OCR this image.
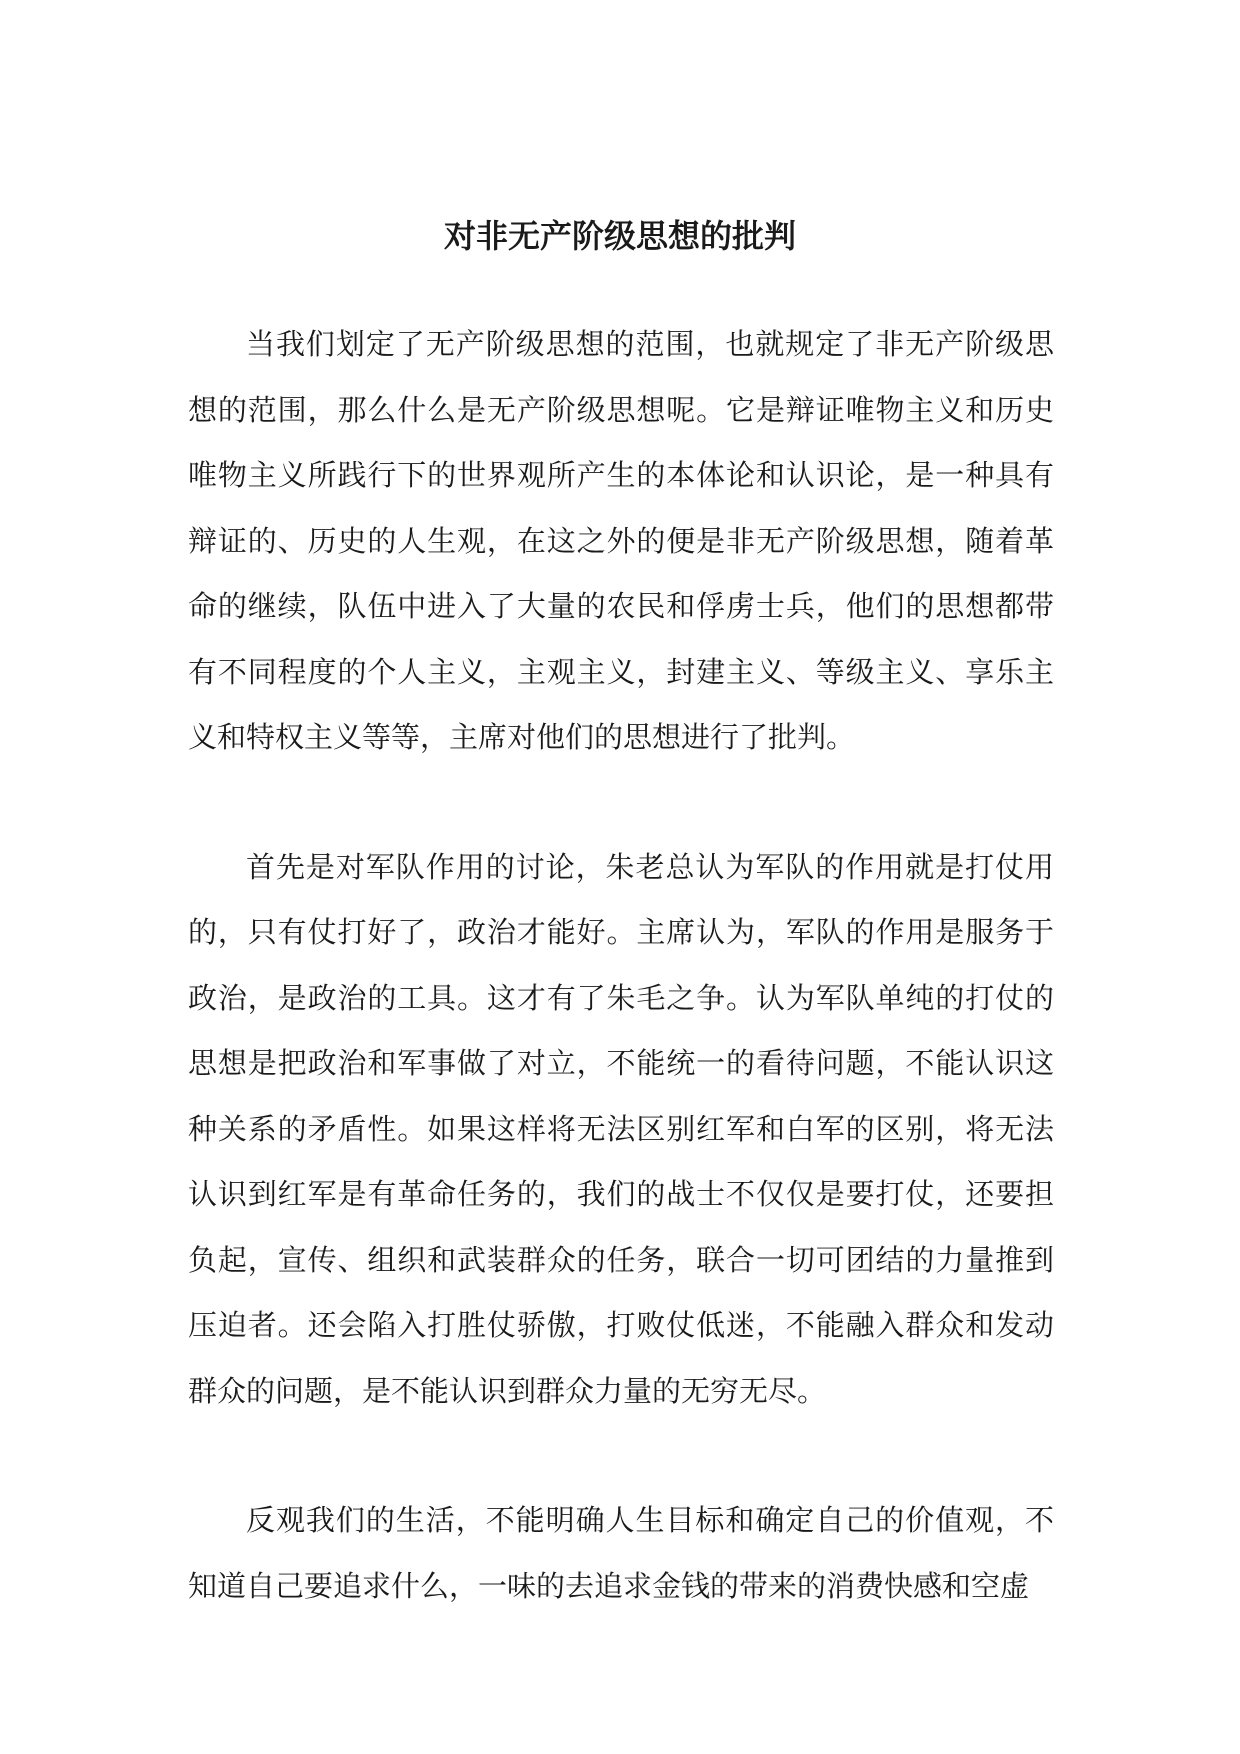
对非无产阶级思想的批判

当我们划定了无产阶级思想的范围，也就规定了非无产阶级思想的范围，那么什么是无产阶级思想呢。它是辩证唯物主义和历史唯物主义所践行下的世界观所产生的本体论和认识论，是一种具有辩证的、历史的人生观，在这之外的便是非无产阶级思想，随着革命的继续，队伍中进入了大量的农民和俘虏士兵，他们的思想都带有不同程度的个人主义，主观主义，封建主义、等级主义、享乐主义和特权主义等等，主席对他们的思想进行了批判。

首先是对军队作用的讨论，朱老总认为军队的作用就是打仗用的，只有仗打好了，政治才能好。主席认为，军队的作用是服务于政治，是政治的工具。这才有了朱毛之争。认为军队单纯的打仗的思想是把政治和军事做了对立，不能统一的看待问题，不能认识这种关系的矛盾性。如果这样将无法区别红军和白军的区别，将无法认识到红军是有革命任务的，我们的战士不仅仅是要打仗，还要担负起，宣传、组织和武装群众的任务，联合一切可团结的力量推到压迫者。还会陷入打胜仗骄傲，打败仗低迷，不能融入群众和发动群众的问题，是不能认识到群众力量的无穷无尽。

反观我们的生活，不能明确人生目标和确定自己的价值观，不知道自己要追求什么，一味的去追求金钱的带来的消费快感和空虚
